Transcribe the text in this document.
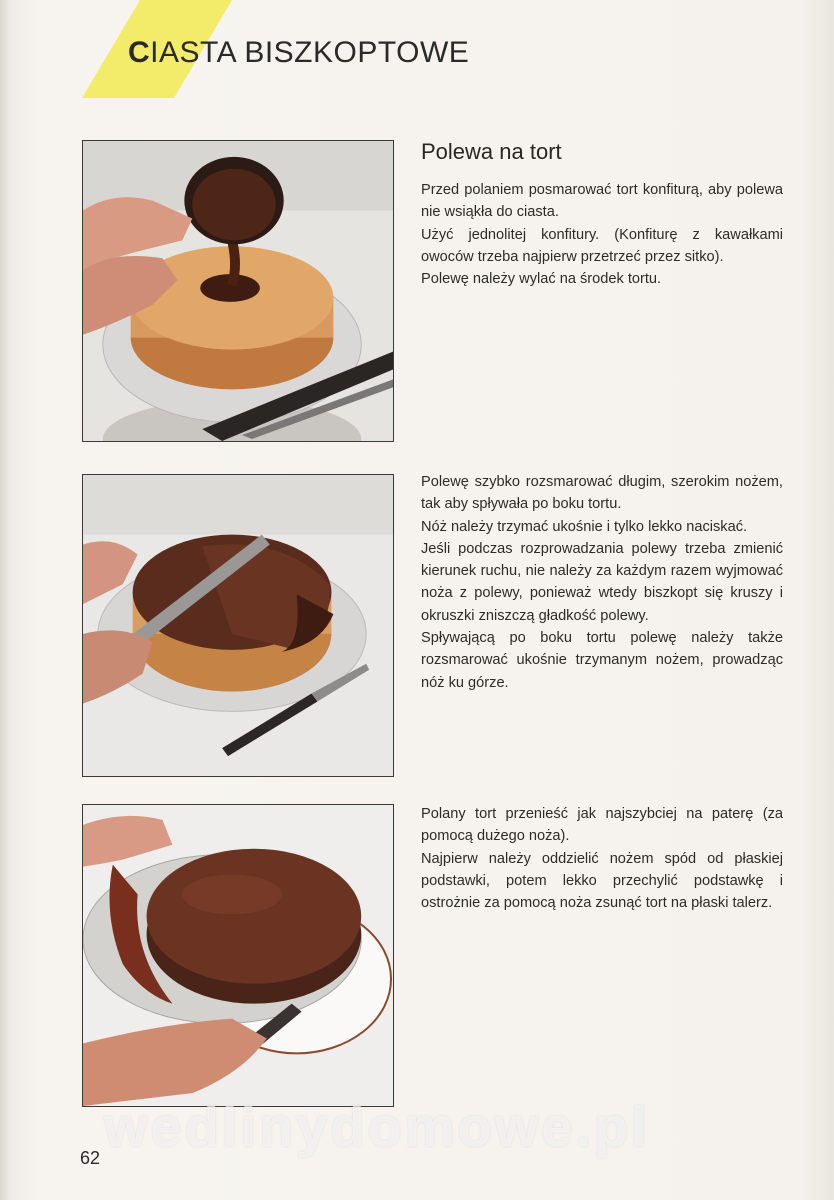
CIASTA BISZKOPTOWE
Polewa na tort

Przed polaniem posmarować tort konfiturą, aby polewa nie wsiąkła do ciasta.

Użyć jednolitej konfitury. (Konfiturę z kawałkami owoców trzeba najpierw przetrzeć przez sitko).

Polewę należy wylać na środek tortu.

Polewę szybko rozsmarować długim, szerokim nożem, tak aby spływała po boku tortu.

Nóż należy trzymać ukośnie i tylko lekko naciskać.

Jeśli podczas rozprowadzania polewy trzeba zmienić kierunek ruchu, nie należy za każdym razem wyjmować noża z polewy, ponieważ wtedy biszkopt się kruszy i okruszki zniszczą gładkość polewy.

Spływającą po boku tortu polewę należy także rozsmarować ukośnie trzymanym nożem, prowadząc nóż ku górze.

Polany tort przenieść jak najszybciej na paterę (za pomocą dużego noża).

Najpierw należy oddzielić nożem spód od płaskiej podstawki, potem lekko przechylić podstawkę i ostrożnie za pomocą noża zsunąć tort na płaski talerz.

wedlinydomowe.pl
62
